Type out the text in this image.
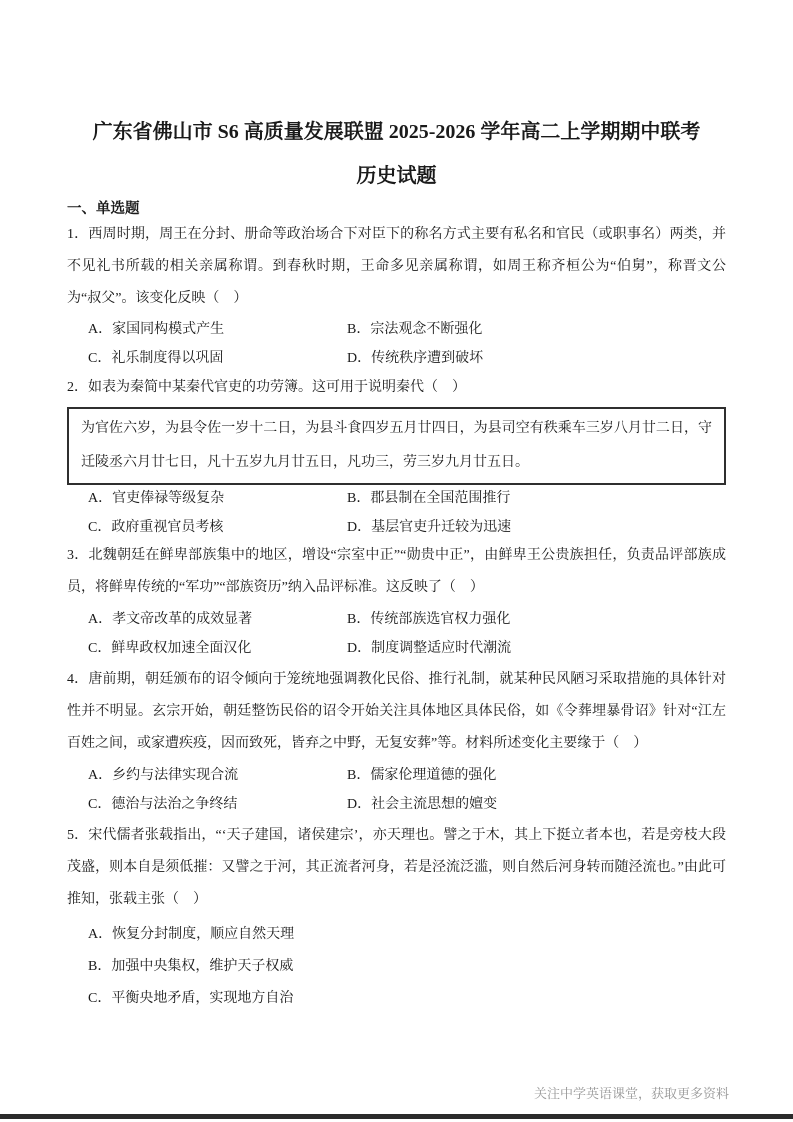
广东省佛山市 S6 高质量发展联盟 2025-2026 学年高二上学期期中联考
历史试题
一、单选题
1．西周时期，周王在分封、册命等政治场合下对臣下的称名方式主要有私名和官民（或职事名）两类，并不见礼书所载的相关亲属称谓。到春秋时期，王命多见亲属称谓，如周王称齐桓公为“伯舅”，称晋文公为“叔父”。该变化反映（　）
A．家国同构模式产生	B．宗法观念不断强化
C．礼乐制度得以巩固	D．传统秩序遭到破坏
2．如表为秦简中某秦代官吏的功劳簿。这可用于说明秦代（　）
为官佐六岁，为县令佐一岁十二日，为县斗食四岁五月廿四日，为县司空有秩乘车三岁八月廿二日，守迁陵丞六月廿七日，凡十五岁九月廿五日，凡功三，劳三岁九月廿五日。
A．官吏俸禄等级复杂	B．郡县制在全国范围推行
C．政府重视官员考核	D．基层官吏升迁较为迅速
3．北魏朝廷在鲜卑部族集中的地区，增设“宗室中正”“勋贵中正”，由鲜卑王公贵族担任，负责品评部族成员，将鲜卑传统的“军功”“部族资历”纳入品评标准。这反映了（　）
A．孝文帝改革的成效显著	B．传统部族选官权力强化
C．鲜卑政权加速全面汉化	D．制度调整适应时代潮流
4．唐前期，朝廷颁布的诏令倾向于笼统地强调教化民俗、推行礼制，就某种民风陋习采取措施的具体针对性并不明显。玄宗开始，朝廷整饬民俗的诏令开始关注具体地区具体民俗，如《令葬埋暴骨诏》针对“江左百姓之间，或家遭疾疫，因而致死，皆弃之中野，无复安葬”等。材料所述变化主要缘于（　）
A．乡约与法律实现合流	B．儒家伦理道德的强化
C．德治与法治之争终结	D．社会主流思想的嬗变
5．宋代儒者张载指出，“‘天子建国，诸侯建宗’，亦天理也。譬之于木，其上下挺立者本也，若是旁枝大段茂盛，则本自是须低摧：又譬之于河，其正流者河身，若是泾流泛滥，则自然后河身转而随泾流也。”由此可推知，张载主张（　）
A．恢复分封制度，顺应自然天理
B．加强中央集权，维护天子权威
C．平衡央地矛盾，实现地方自治
关注中学英语课堂，获取更多资料
